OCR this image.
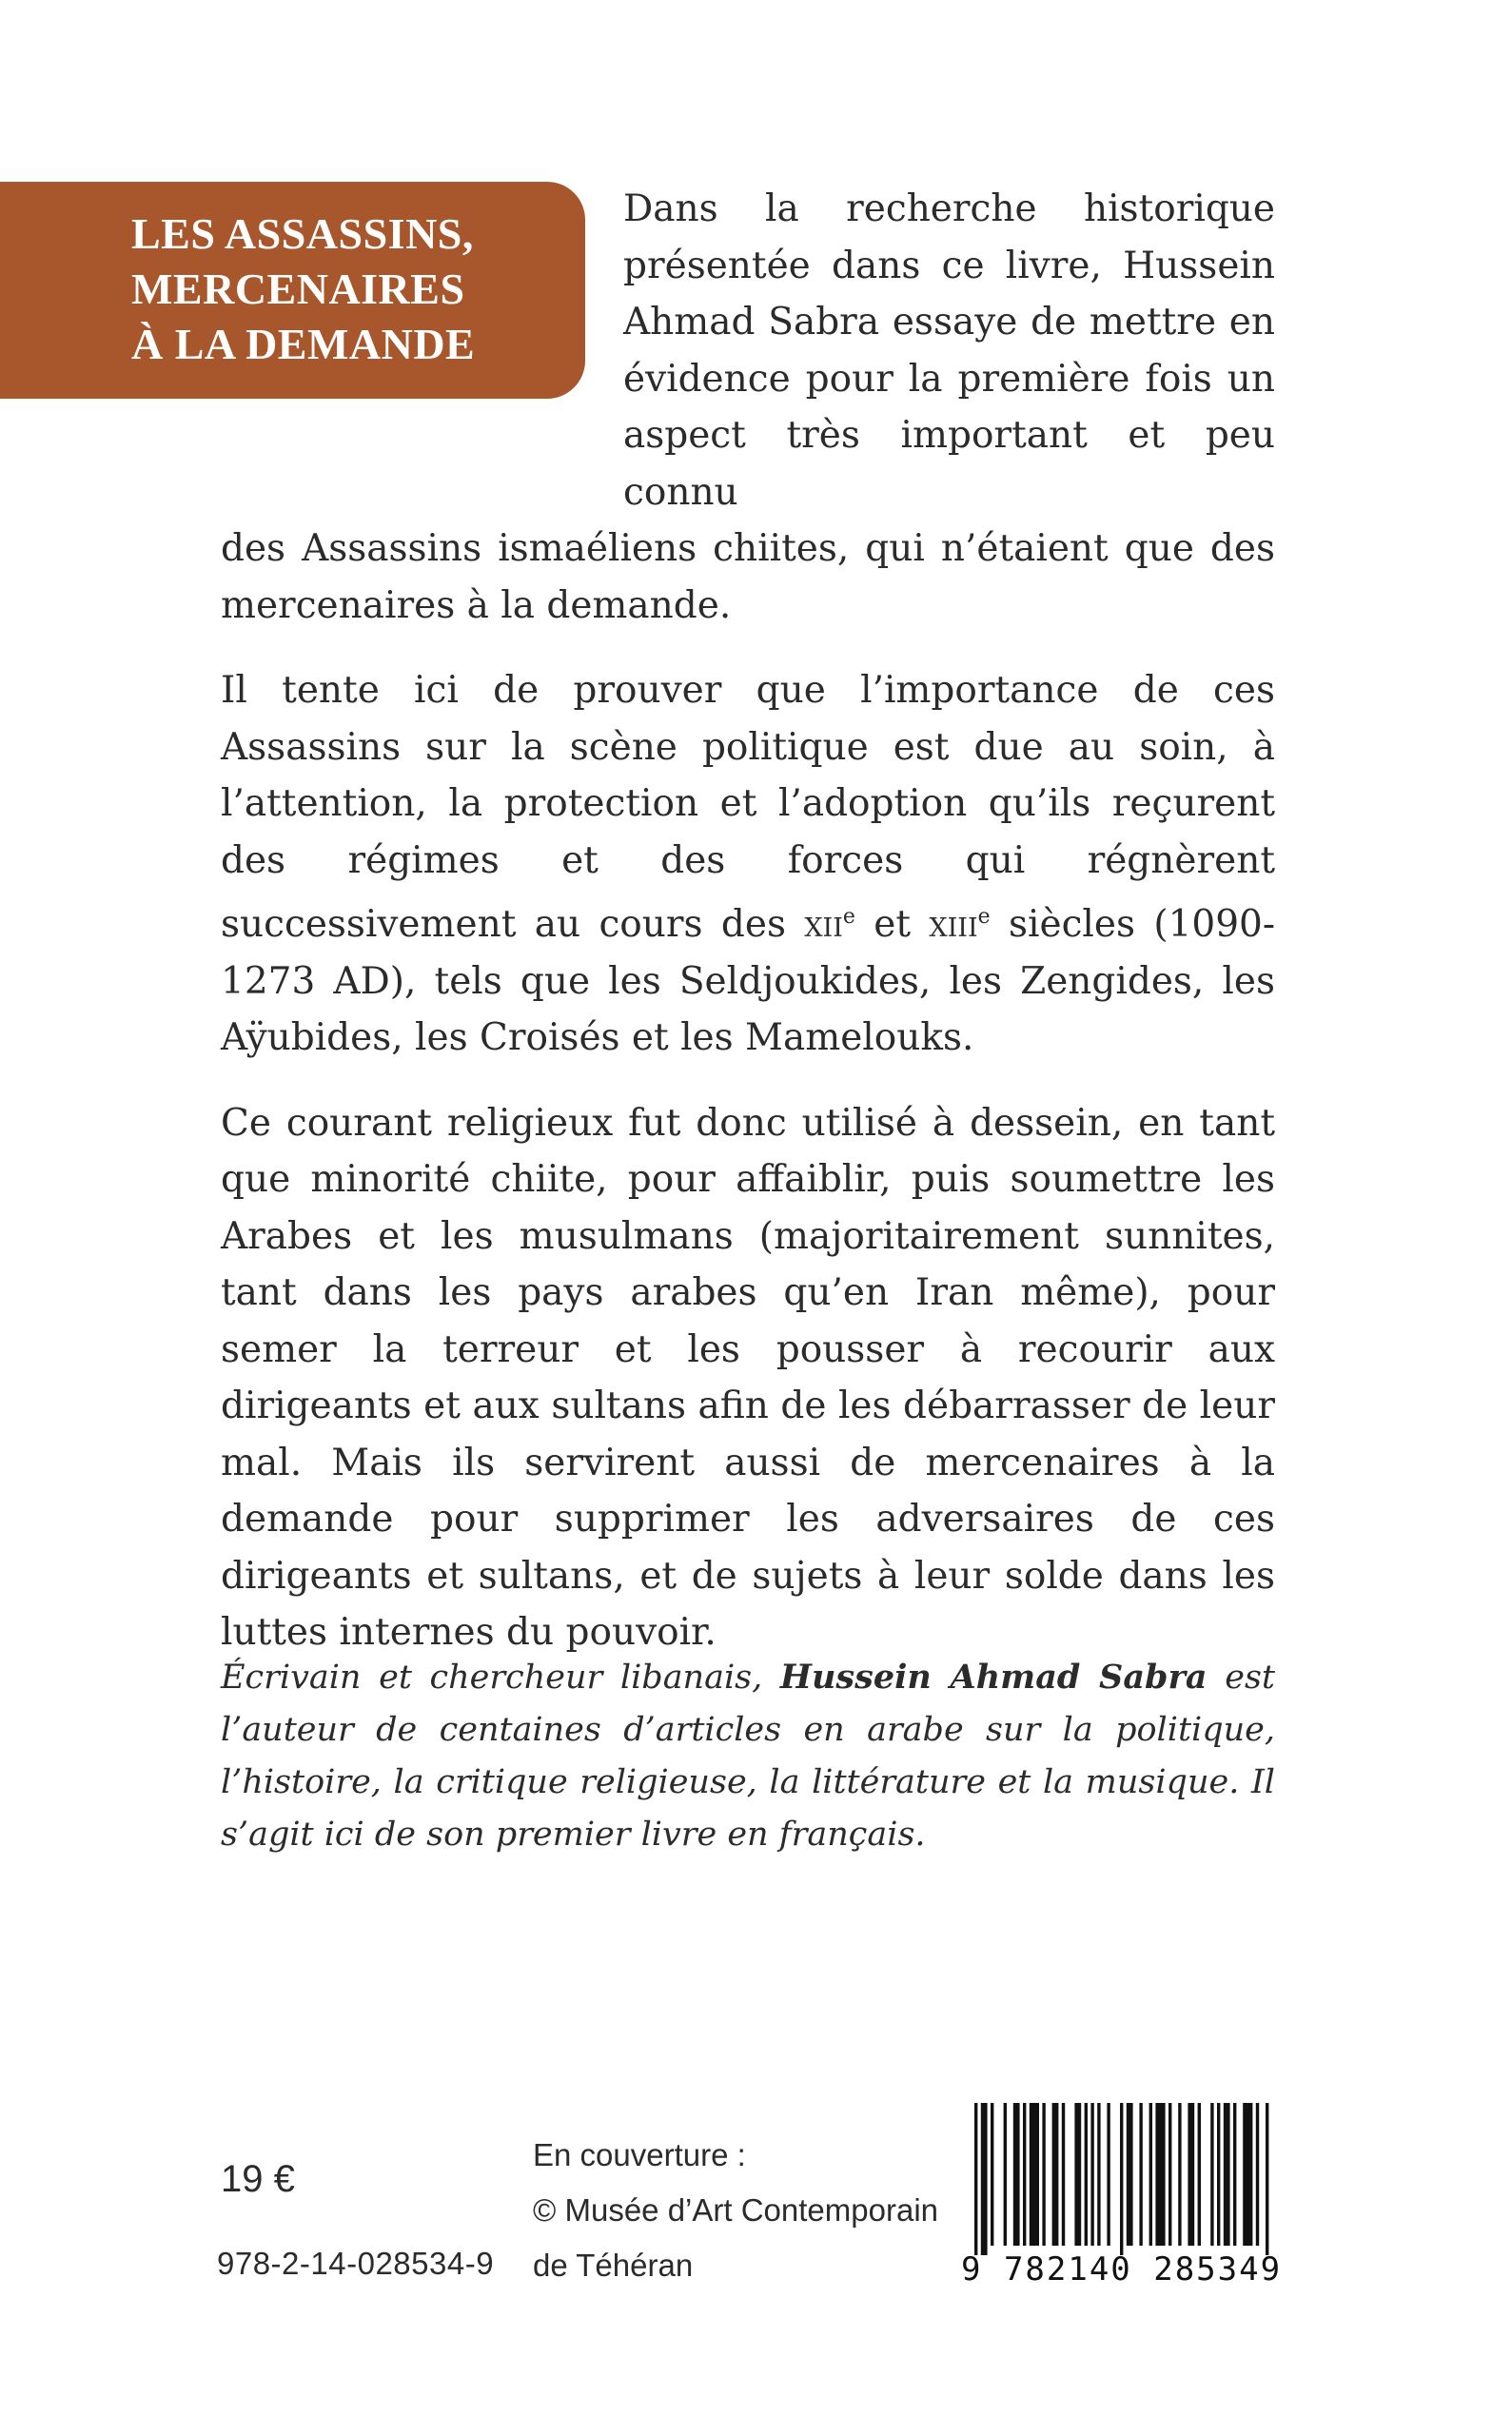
LES ASSASSINS,
MERCENAIRES
À LA DEMANDE

Dans la recherche historique
présentée dans ce livre, Hussein
Ahmad Sabra essaye de mettre en
évidence pour la première fois un
aspect très important et peu connu
des Assassins ismaéliens chiites, qui n’étaient que des mercenaires à la demande.

Il tente ici de prouver que l’importance de ces Assassins sur la scène politique est due au soin, à l’attention, la protection et l’adoption qu’ils reçurent des régimes et des forces qui régnèrent successivement au cours des xii$^e$ et xiii$^e$ siècles (1090-1273 AD), tels que les Seldjoukides, les Zengides, les Aÿubides, les Croisés et les Mamelouks.

Ce courant religieux fut donc utilisé à dessein, en tant que minorité chiite, pour affaiblir, puis soumettre les Arabes et les musulmans (majoritairement sunnites, tant dans les pays arabes qu’en Iran même), pour semer la terreur et les pousser à recourir aux dirigeants et aux sultans afin de les débarrasser de leur mal. Mais ils servirent aussi de mercenaires à la demande pour supprimer les adversaires de ces dirigeants et sultans, et de sujets à leur solde dans les luttes internes du pouvoir.

Écrivain et chercheur libanais, Hussein Ahmad Sabra est l’auteur de centaines d’articles en arabe sur la politique, l’histoire, la critique religieuse, la littérature et la musique. Il s’agit ici de son premier livre en français.
19 €
978-2-14-028534-9
En couverture :
© Musée d’Art Contemporain
de Téhéran	9 782140 285349
